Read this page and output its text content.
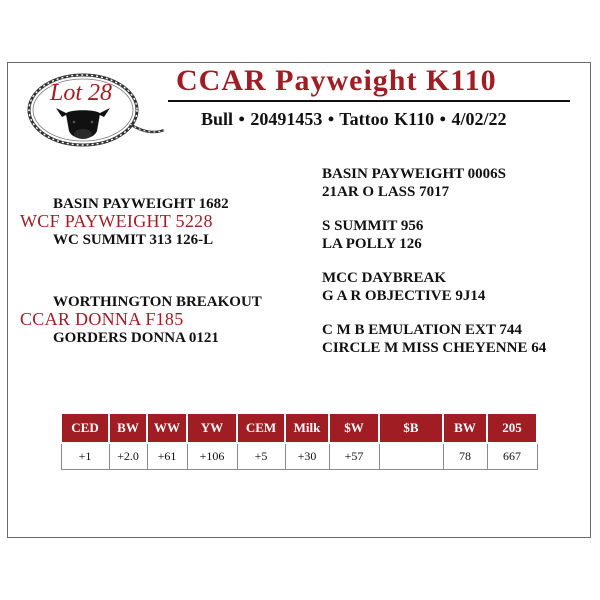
Lot 28	CCAR Payweight K110
Bull • 20491453 • Tattoo K110 • 4/02/22
BASIN PAYWEIGHT 0006S
21AR O LASS 7017
S SUMMIT 956
LA POLLY 126
MCC DAYBREAK
G A R OBJECTIVE 9J14
C M B EMULATION EXT 744
CIRCLE M MISS CHEYENNE 64
BASIN PAYWEIGHT 1682
WCF PAYWEIGHT 5228
WC SUMMIT 313 126-L
WORTHINGTON BREAKOUT
CCAR DONNA F185
GORDERS DONNA 0121
CED	BW	WW	YW	CEM	Milk	$W	$B	BW	205
+1	+2.0	+61	+106	+5	+30	+57		78	667
